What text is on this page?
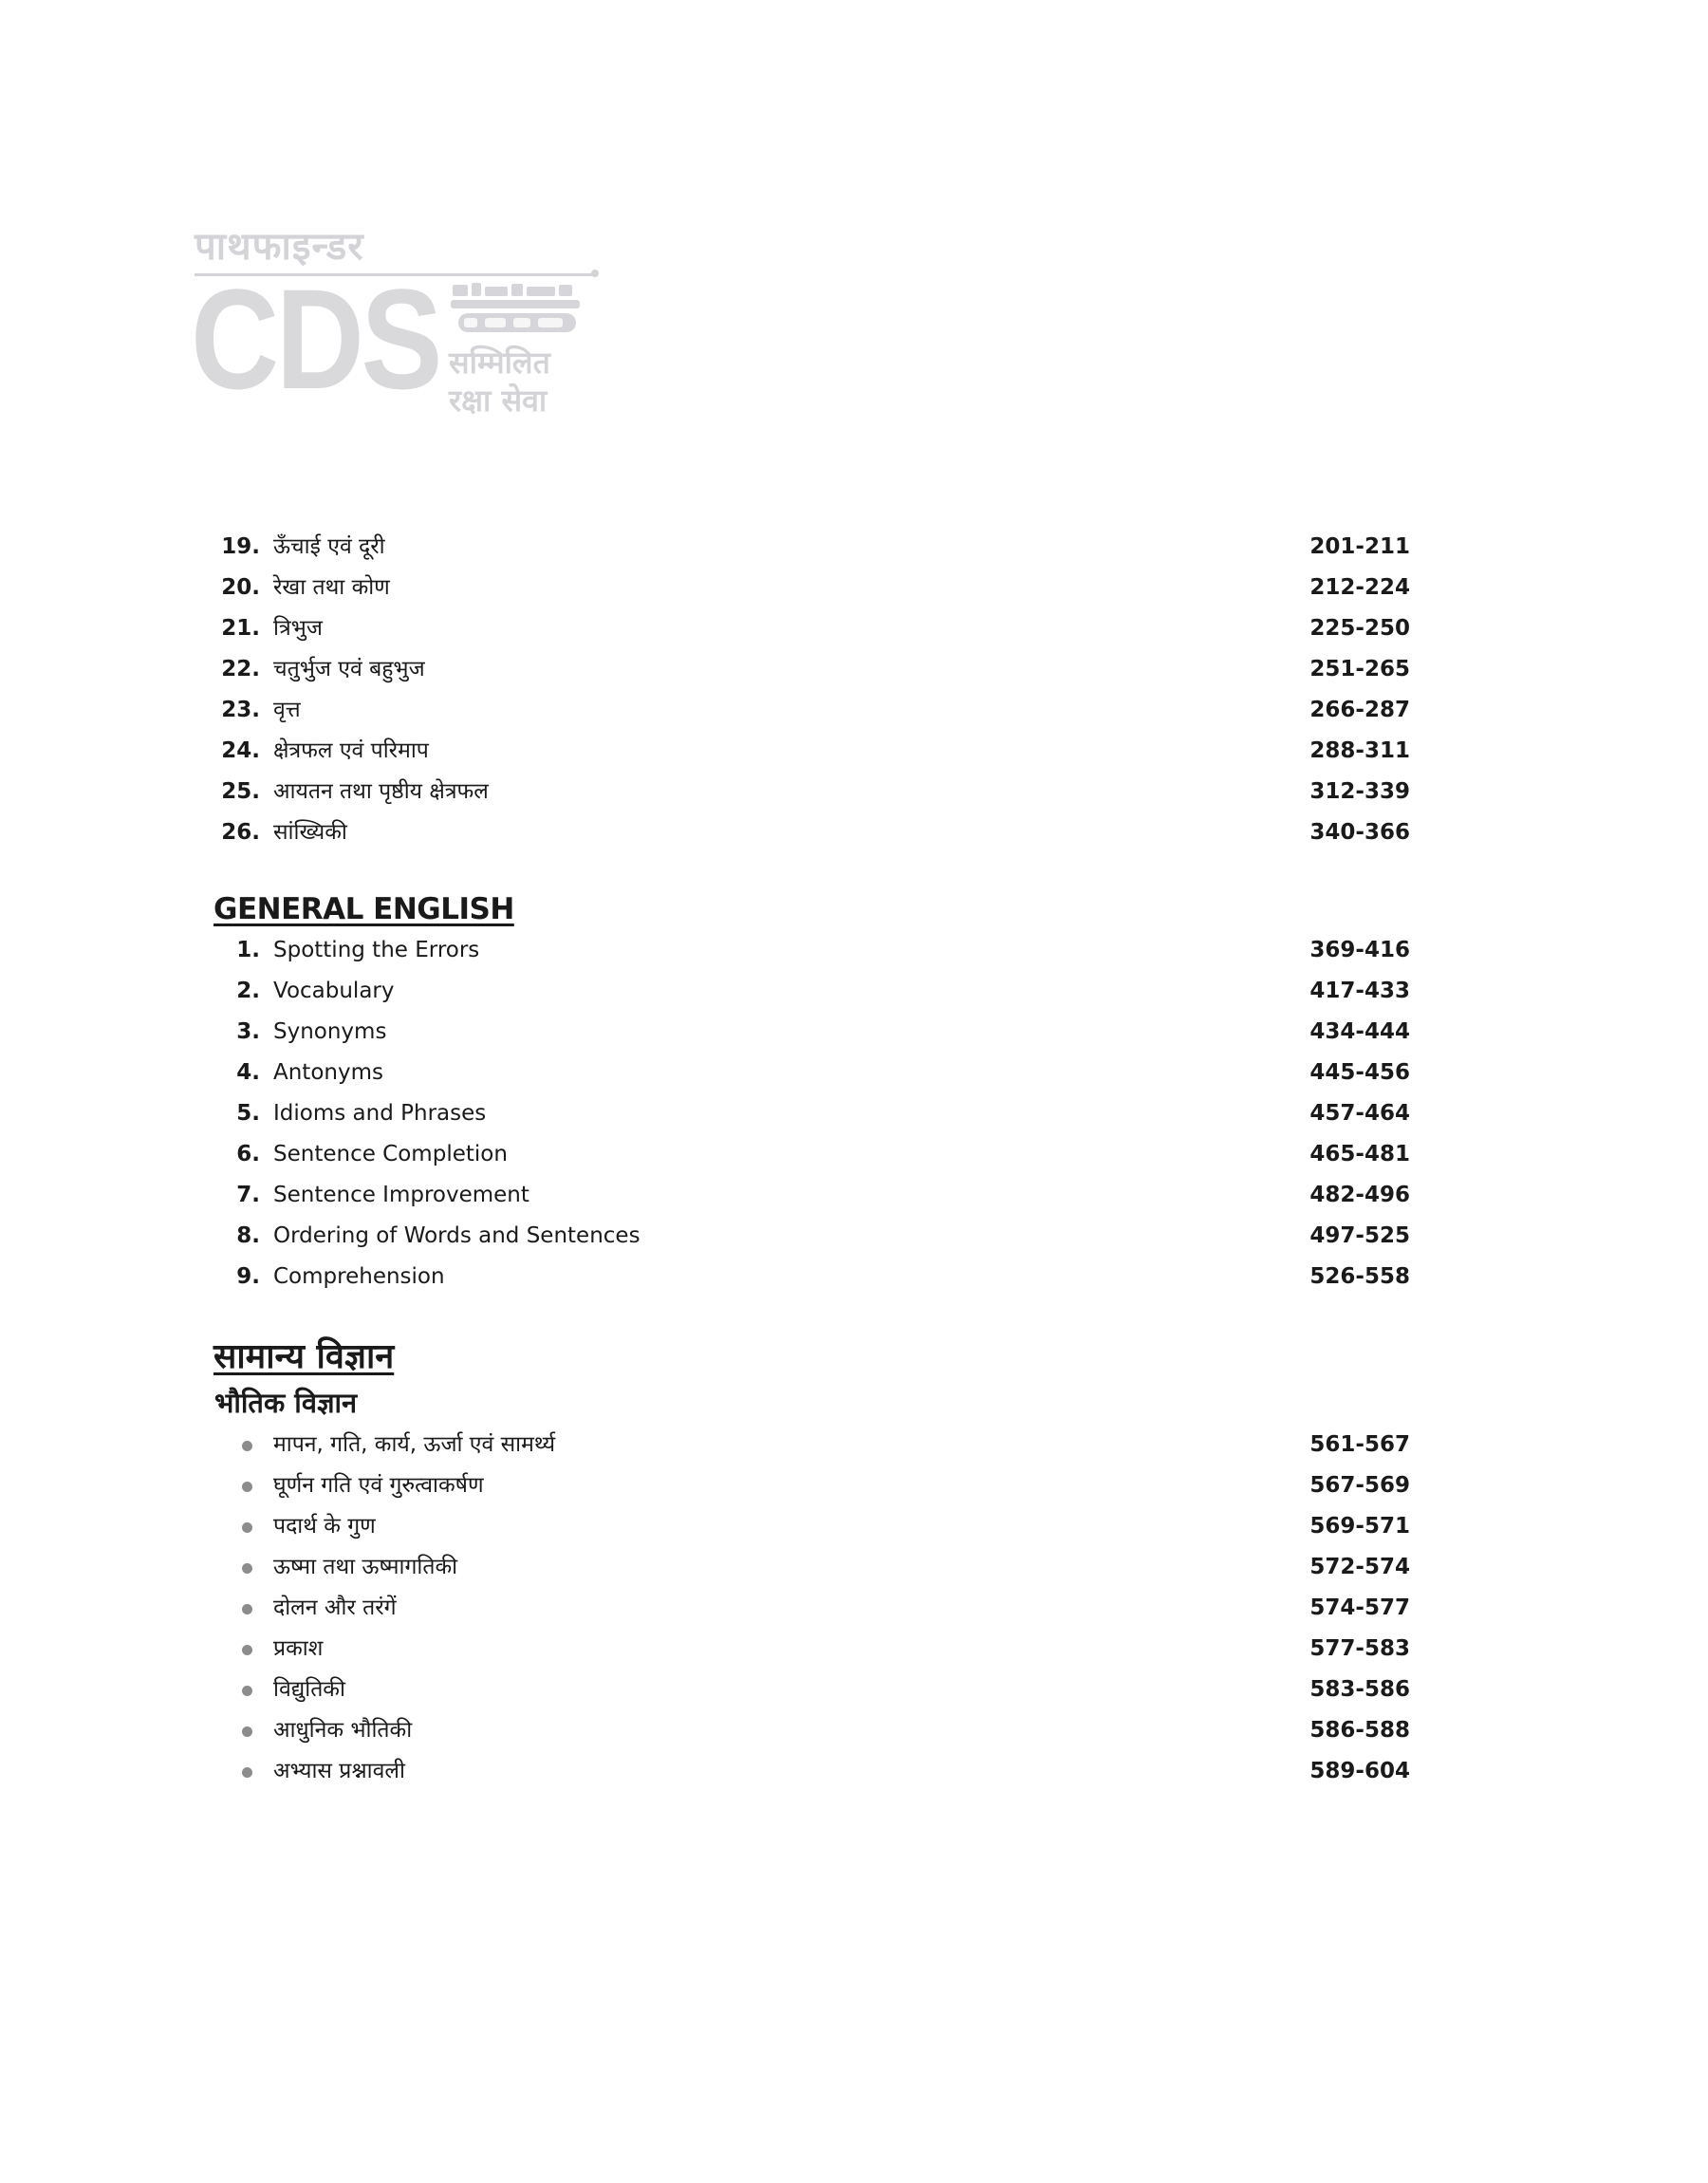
पाथफाइन्डर
CDS सम्मिलित
रक्षा सेवा
19. ऊँचाई एवं दूरी	201-211
20. रेखा तथा कोण	212-224
21. त्रिभुज	225-250
22. चतुर्भुज एवं बहुभुज	251-265
23. वृत्त	266-287
24. क्षेत्रफल एवं परिमाप	288-311
25. आयतन तथा पृष्ठीय क्षेत्रफल	312-339
26. सांख्यिकी	340-366
GENERAL ENGLISH
1. Spotting the Errors	369-416
2. Vocabulary	417-433
3. Synonyms	434-444
4. Antonyms	445-456
5. Idioms and Phrases	457-464
6. Sentence Completion	465-481
7. Sentence Improvement	482-496
8. Ordering of Words and Sentences	497-525
9. Comprehension	526-558
सामान्य विज्ञान
भौतिक विज्ञान
मापन, गति, कार्य, ऊर्जा एवं सामर्थ्य	561-567
घूर्णन गति एवं गुरुत्वाकर्षण	567-569
पदार्थ के गुण	569-571
ऊष्मा तथा ऊष्मागतिकी	572-574
दोलन और तरंगें	574-577
प्रकाश	577-583
विद्युतिकी	583-586
आधुनिक भौतिकी	586-588
अभ्यास प्रश्नावली	589-604
